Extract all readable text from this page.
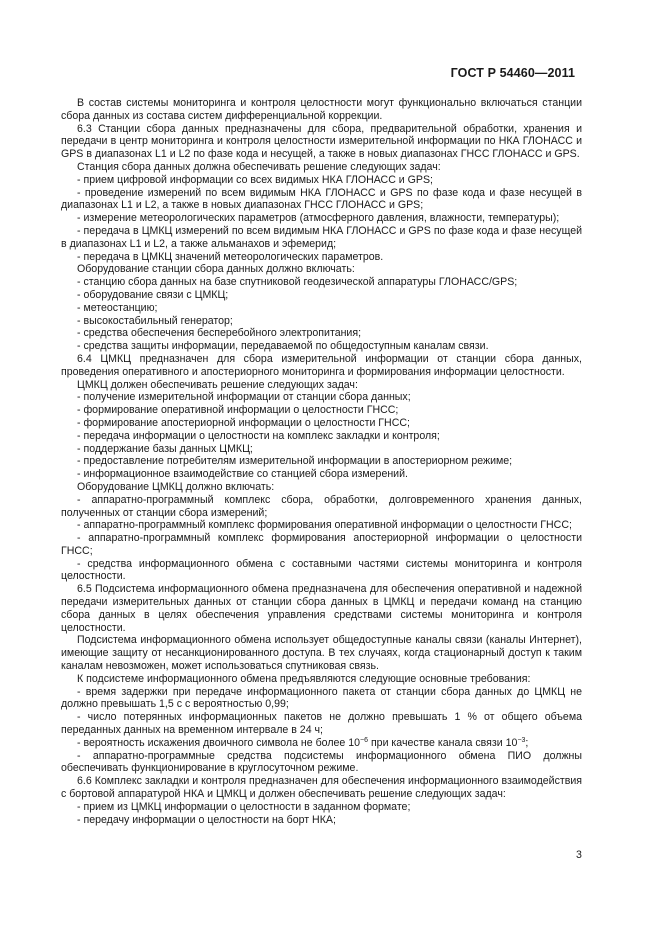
ГОСТ Р 54460—2011

В состав системы мониторинга и контроля целостности могут функционально включаться станции сбора данных из состава систем дифференциальной коррекции.

6.3 Станции сбора данных предназначены для сбора, предварительной обработки, хранения и передачи в центр мониторинга и контроля целостности измерительной информации по НКА ГЛОНАСС и GPS в диапазонах L1 и L2 по фазе кода и несущей, а также в новых диапазонах ГНСС ГЛОНАСС и GPS.

Станция сбора данных должна обеспечивать решение следующих задач:

- прием цифровой информации со всех видимых НКА ГЛОНАСС и GPS;

- проведение измерений по всем видимым НКА ГЛОНАСС и GPS по фазе кода и фазе несущей в диапазонах L1 и L2, а также в новых диапазонах ГНСС ГЛОНАСС и GPS;

- измерение метеорологических параметров (атмосферного давления, влажности, температуры);

- передача в ЦМКЦ измерений по всем видимым НКА ГЛОНАСС и GPS по фазе кода и фазе несущей в диапазонах L1 и L2, а также альманахов и эфемерид;

- передача в ЦМКЦ значений метеорологических параметров.

Оборудование станции сбора данных должно включать:

- станцию сбора данных на базе спутниковой геодезической аппаратуры ГЛОНАСС/GPS;

- оборудование связи с ЦМКЦ;

- метеостанцию;

- высокостабильный генератор;

- средства обеспечения бесперебойного электропитания;

- средства защиты информации, передаваемой по общедоступным каналам связи.

6.4 ЦМКЦ предназначен для сбора измерительной информации от станции сбора данных, проведения оперативного и апостериорного мониторинга и формирования информации целостности.

ЦМКЦ должен обеспечивать решение следующих задач:

- получение измерительной информации от станции сбора данных;

- формирование оперативной информации о целостности ГНСС;

- формирование апостериорной информации о целостности ГНСС;

- передача информации о целостности на комплекс закладки и контроля;

- поддержание базы данных ЦМКЦ;

- предоставление потребителям измерительной информации в апостериорном режиме;

- информационное взаимодействие со станцией сбора измерений.

Оборудование ЦМКЦ должно включать:

- аппаратно-программный комплекс сбора, обработки, долговременного хранения данных, полученных от станции сбора измерений;

- аппаратно-программный комплекс формирования оперативной информации о целостности ГНСС;

- аппаратно-программный комплекс формирования апостериорной информации о целостности ГНСС;

- средства информационного обмена с составными частями системы мониторинга и контроля целостности.

6.5 Подсистема информационного обмена предназначена для обеспечения оперативной и надежной передачи измерительных данных от станции сбора данных в ЦМКЦ и передачи команд на станцию сбора данных в целях обеспечения управления средствами системы мониторинга и контроля целостности.

Подсистема информационного обмена использует общедоступные каналы связи (каналы Интернет), имеющие защиту от несанкционированного доступа. В тех случаях, когда стационарный доступ к таким каналам невозможен, может использоваться спутниковая связь.

К подсистеме информационного обмена предъявляются следующие основные требования:

- время задержки при передаче информационного пакета от станции сбора данных до ЦМКЦ не должно превышать 1,5 с с вероятностью 0,99;

- число потерянных информационных пакетов не должно превышать 1 % от общего объема переданных данных на временном интервале в 24 ч;

- вероятность искажения двоичного символа не более $10^{-6}$ при качестве канала связи $10^{-3}$;

- аппаратно-программные средства подсистемы информационного обмена ПИО должны обеспечивать функционирование в круглосуточном режиме.

6.6 Комплекс закладки и контроля предназначен для обеспечения информационного взаимодействия с бортовой аппаратурой НКА и ЦМКЦ и должен обеспечивать решение следующих задач:

- прием из ЦМКЦ информации о целостности в заданном формате;

- передачу информации о целостности на борт НКА;

3
